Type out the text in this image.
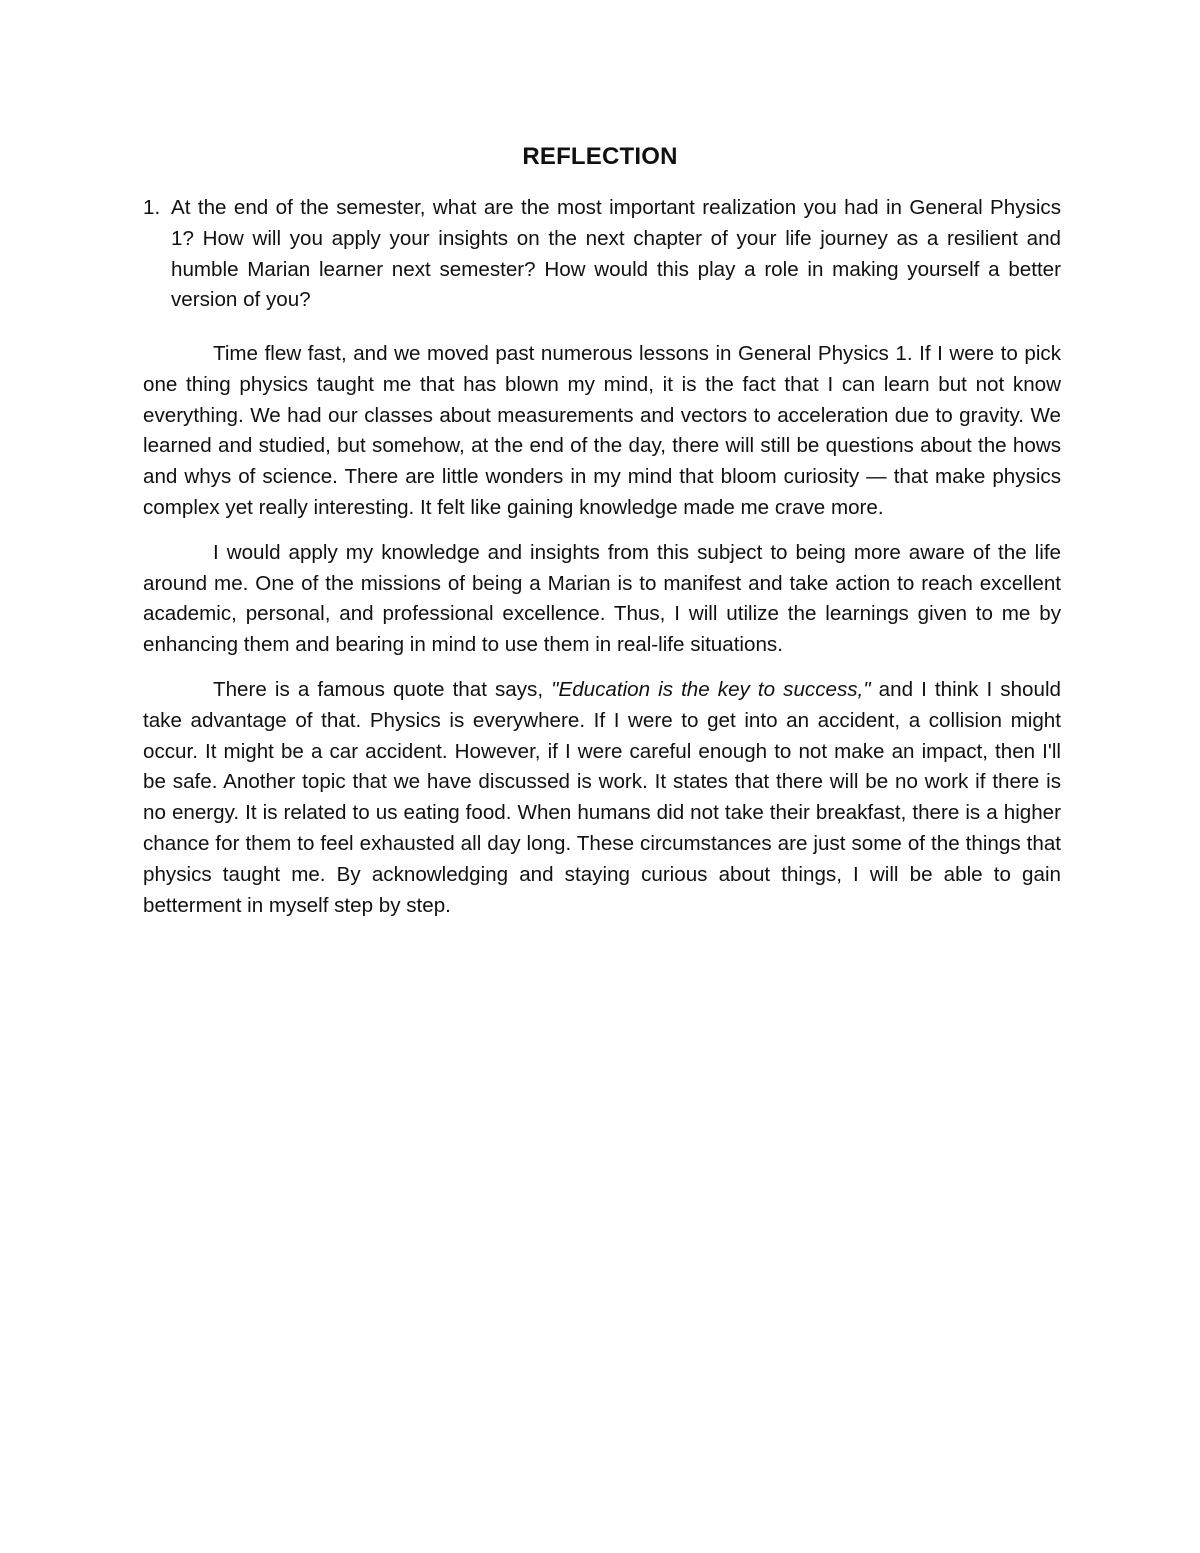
REFLECTION
1. At the end of the semester, what are the most important realization you had in General Physics 1? How will you apply your insights on the next chapter of your life journey as a resilient and humble Marian learner next semester? How would this play a role in making yourself a better version of you?

Time flew fast, and we moved past numerous lessons in General Physics 1. If I were to pick one thing physics taught me that has blown my mind, it is the fact that I can learn but not know everything. We had our classes about measurements and vectors to acceleration due to gravity. We learned and studied, but somehow, at the end of the day, there will still be questions about the hows and whys of science. There are little wonders in my mind that bloom curiosity — that make physics complex yet really interesting. It felt like gaining knowledge made me crave more.

I would apply my knowledge and insights from this subject to being more aware of the life around me. One of the missions of being a Marian is to manifest and take action to reach excellent academic, personal, and professional excellence. Thus, I will utilize the learnings given to me by enhancing them and bearing in mind to use them in real-life situations.

There is a famous quote that says, "Education is the key to success," and I think I should take advantage of that. Physics is everywhere. If I were to get into an accident, a collision might occur. It might be a car accident. However, if I were careful enough to not make an impact, then I'll be safe. Another topic that we have discussed is work. It states that there will be no work if there is no energy. It is related to us eating food. When humans did not take their breakfast, there is a higher chance for them to feel exhausted all day long. These circumstances are just some of the things that physics taught me. By acknowledging and staying curious about things, I will be able to gain betterment in myself step by step.
